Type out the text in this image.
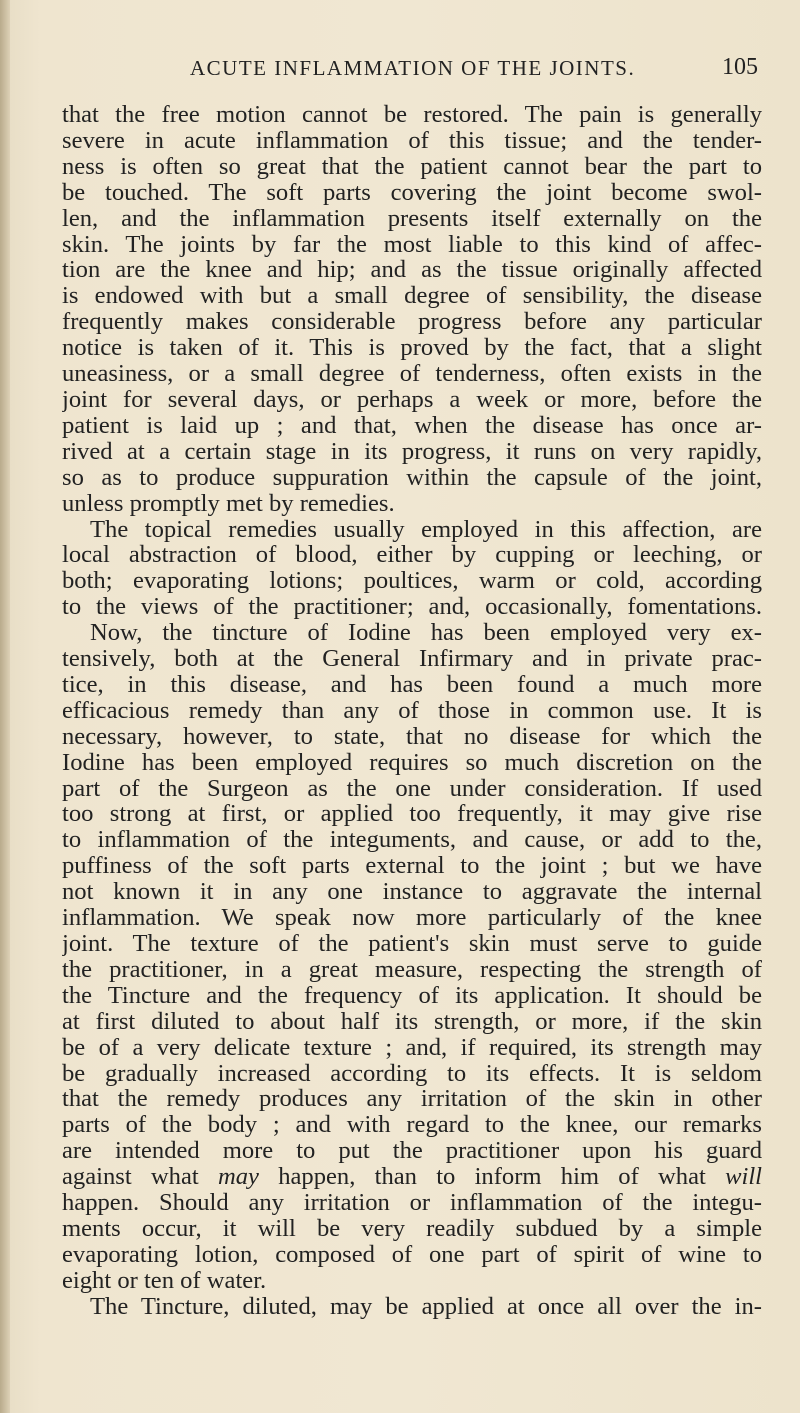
ACUTE INFLAMMATION OF THE JOINTS.	105
that the free motion cannot be restored. The pain is generally
severe in acute inflammation of this tissue; and the tender-
ness is often so great that the patient cannot bear the part to
be touched. The soft parts covering the joint become swol-
len, and the inflammation presents itself externally on the
skin. The joints by far the most liable to this kind of affec-
tion are the knee and hip; and as the tissue originally affected
is endowed with but a small degree of sensibility, the disease
frequently makes considerable progress before any particular
notice is taken of it. This is proved by the fact, that a slight
uneasiness, or a small degree of tenderness, often exists in the
joint for several days, or perhaps a week or more, before the
patient is laid up ; and that, when the disease has once ar-
rived at a certain stage in its progress, it runs on very rapidly,
so as to produce suppuration within the capsule of the joint,
unless promptly met by remedies.
The topical remedies usually employed in this affection, are
local abstraction of blood, either by cupping or leeching, or
both; evaporating lotions; poultices, warm or cold, according
to the views of the practitioner; and, occasionally, fomentations.
Now, the tincture of Iodine has been employed very ex-
tensively, both at the General Infirmary and in private prac-
tice, in this disease, and has been found a much more
efficacious remedy than any of those in common use. It is
necessary, however, to state, that no disease for which the
Iodine has been employed requires so much discretion on the
part of the Surgeon as the one under consideration. If used
too strong at first, or applied too frequently, it may give rise
to inflammation of the integuments, and cause, or add to the,
puffiness of the soft parts external to the joint ; but we have
not known it in any one instance to aggravate the internal
inflammation. We speak now more particularly of the knee
joint. The texture of the patient's skin must serve to guide
the practitioner, in a great measure, respecting the strength of
the Tincture and the frequency of its application. It should be
at first diluted to about half its strength, or more, if the skin
be of a very delicate texture ; and, if required, its strength may
be gradually increased according to its effects. It is seldom
that the remedy produces any irritation of the skin in other
parts of the body ; and with regard to the knee, our remarks
are intended more to put the practitioner upon his guard
against what may happen, than to inform him of what will
happen. Should any irritation or inflammation of the integu-
ments occur, it will be very readily subdued by a simple
evaporating lotion, composed of one part of spirit of wine to
eight or ten of water.
The Tincture, diluted, may be applied at once all over the in-
